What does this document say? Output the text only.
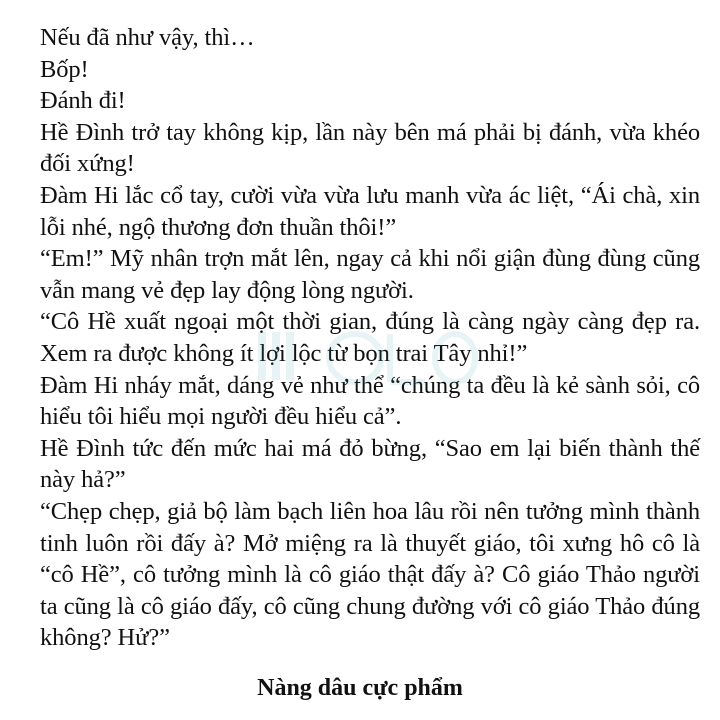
Nếu đã như vậy, thì…

Bốp!

Đánh đi!

Hề Đình trở tay không kịp, lần này bên má phải bị đánh, vừa khéo đối xứng!

Đàm Hi lắc cổ tay, cười vừa vừa lưu manh vừa ác liệt, “Ái chà, xin lỗi nhé, ngộ thương đơn thuần thôi!”

“Em!” Mỹ nhân trợn mắt lên, ngay cả khi nổi giận đùng đùng cũng vẫn mang vẻ đẹp lay động lòng người.

“Cô Hề xuất ngoại một thời gian, đúng là càng ngày càng đẹp ra. Xem ra được không ít lợi lộc từ bọn trai Tây nhỉ!”

Đàm Hi nháy mắt, dáng vẻ như thể “chúng ta đều là kẻ sành sỏi, cô hiểu tôi hiểu mọi người đều hiểu cả”.

Hề Đình tức đến mức hai má đỏ bừng, “Sao em lại biến thành thế này hả?”

“Chẹp chẹp, giả bộ làm bạch liên hoa lâu rồi nên tưởng mình thành tinh luôn rồi đấy à? Mở miệng ra là thuyết giáo, tôi xưng hô cô là “cô Hề”, cô tưởng mình là cô giáo thật đấy à? Cô giáo Thảo người ta cũng là cô giáo đấy, cô cũng chung đường với cô giáo Thảo đúng không? Hử?”

Nàng dâu cực phẩm
